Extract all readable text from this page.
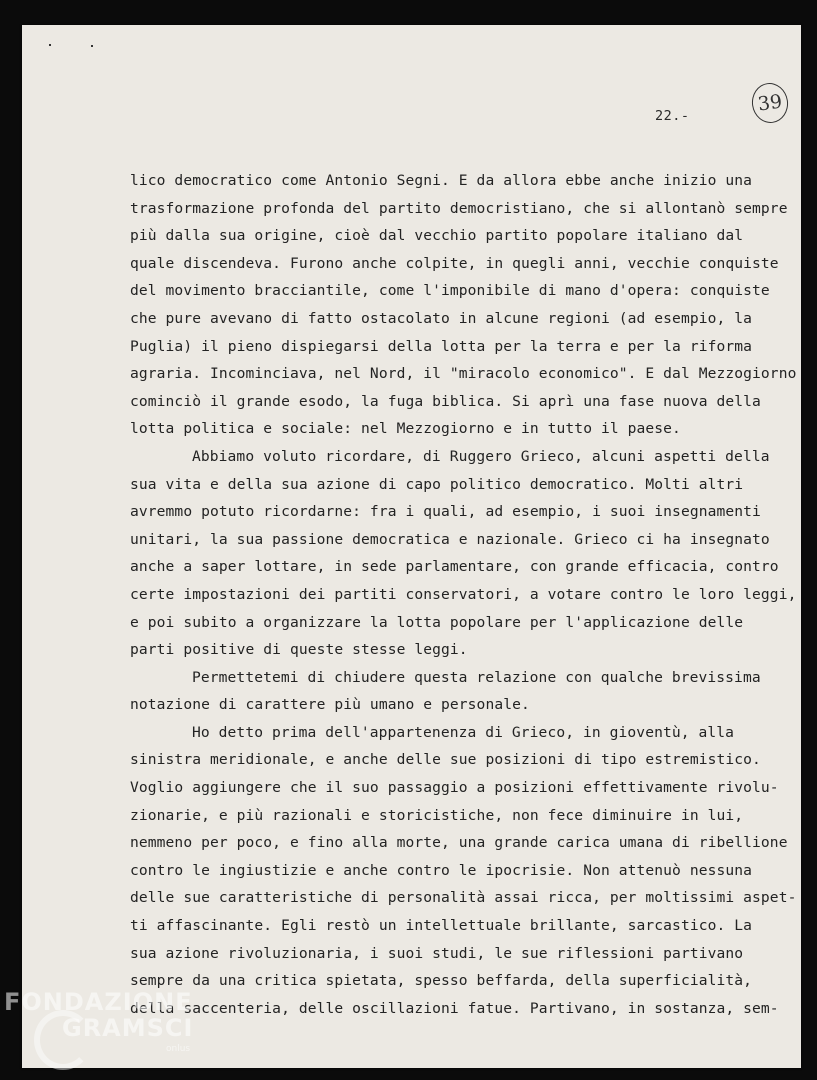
22.-
39
lico democratico come Antonio Segni. E da allora ebbe anche inizio una
trasformazione profonda del partito democristiano, che si allontanò sempre
più dalla sua origine, cioè dal vecchio partito popolare italiano dal
quale discendeva. Furono anche colpite, in quegli anni, vecchie conquiste
del movimento bracciantile, come l'imponibile di mano d'opera: conquiste
che pure avevano di fatto ostacolato in alcune regioni (ad esempio, la
Puglia) il pieno dispiegarsi della lotta per la terra e per la riforma
agraria. Incominciava, nel Nord, il "miracolo economico". E dal Mezzogiorno
cominciò il grande esodo, la fuga biblica. Si aprì una fase nuova della
lotta politica e sociale: nel Mezzogiorno e in tutto il paese.
Abbiamo voluto ricordare, di Ruggero Grieco, alcuni aspetti della
sua vita e della sua azione di capo politico democratico. Molti altri
avremmo potuto ricordarne: fra i quali, ad esempio, i suoi insegnamenti
unitari, la sua passione democratica e nazionale. Grieco ci ha insegnato
anche a saper lottare, in sede parlamentare, con grande efficacia, contro
certe impostazioni dei partiti conservatori, a votare contro le loro leggi,
e poi subito a organizzare la lotta popolare per l'applicazione delle
parti positive di queste stesse leggi.
Permettetemi di chiudere questa relazione con qualche brevissima
notazione di carattere più umano e personale.
Ho detto prima dell'appartenenza di Grieco, in gioventù, alla
sinistra meridionale, e anche delle sue posizioni di tipo estremistico.
Voglio aggiungere che il suo passaggio a posizioni effettivamente rivolu-
zionarie, e più razionali e storicistiche, non fece diminuire in lui,
nemmeno per poco, e fino alla morte, una grande carica umana di ribellione
contro le ingiustizie e anche contro le ipocrisie. Non attenuò nessuna
delle sue caratteristiche di personalità assai ricca, per moltissimi aspet-
ti affascinante. Egli restò un intellettuale brillante, sarcastico. La
sua azione rivoluzionaria, i suoi studi, le sue riflessioni partivano
sempre da una critica spietata, spesso beffarda, della superficialità,
della saccenteria, delle oscillazioni fatue. Partivano, in sostanza, sem-
FONDAZIONE
GRAMSCI
onlus
